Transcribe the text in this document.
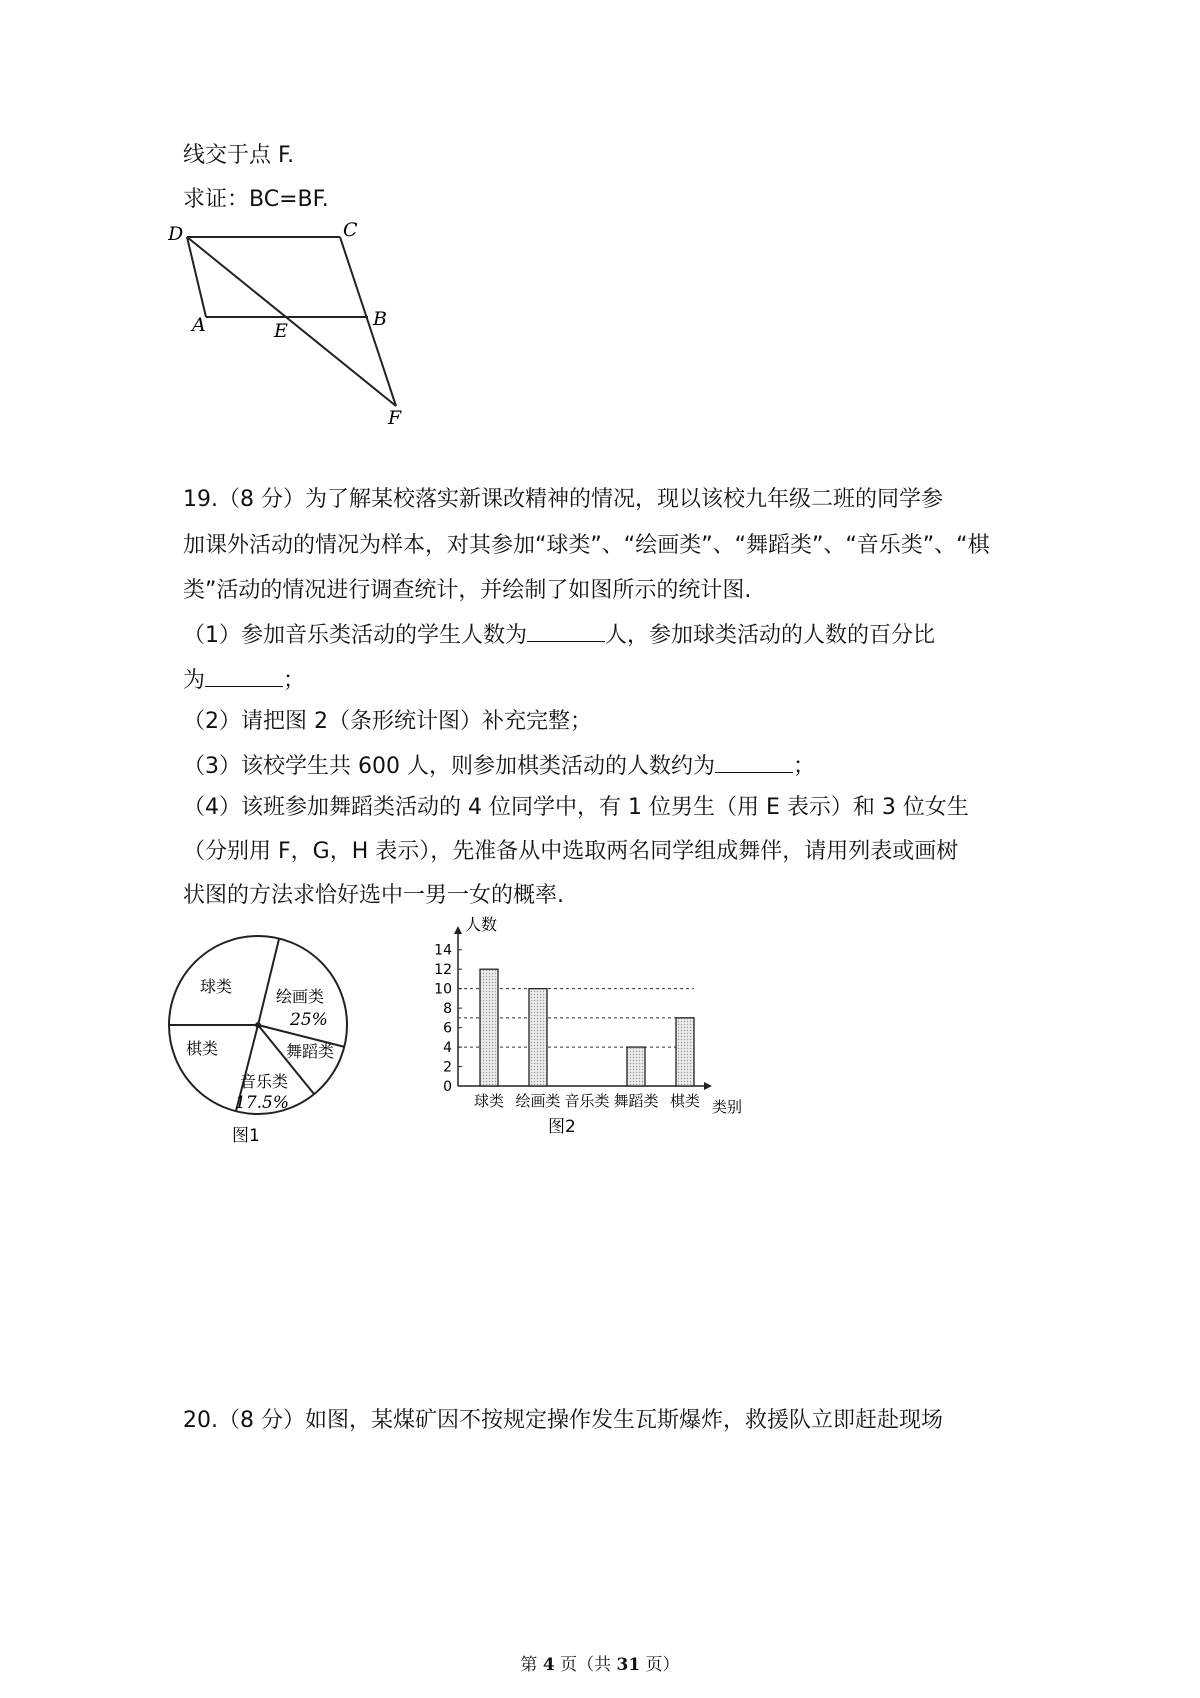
线交于点 F.
求证：BC=BF.
D	C
A	E
B
F
19.（8 分）为了解某校落实新课改精神的情况，现以该校九年级二班的同学参
加课外活动的情况为样本，对其参加“球类”、“绘画类”、“舞蹈类”、“音乐类”、“棋
类”活动的情况进行调查统计，并绘制了如图所示的统计图.
（1）参加音乐类活动的学生人数为	人，参加球类活动的人数的百分比
为	；
（2）请把图 2（条形统计图）补充完整；
（3）该校学生共 600 人，则参加棋类活动的人数约为	；
（4）该班参加舞蹈类活动的 4 位同学中，有 1 位男生（用 E 表示）和 3 位女生
（分别用 F，G，H 表示），先准备从中选取两名同学组成舞伴，请用列表或画树
状图的方法求恰好选中一男一女的概率.
球类
绘画类
25%
棋类	舞蹈类
音乐类
17.5%
图1
0
2
4
6
8
10
12
14
球类 绘画类 音乐类 舞蹈类 棋类
人数
类别
图2
20.（8 分）如图，某煤矿因不按规定操作发生瓦斯爆炸，救援队立即赶赴现场
第 4 页（共 31 页）
